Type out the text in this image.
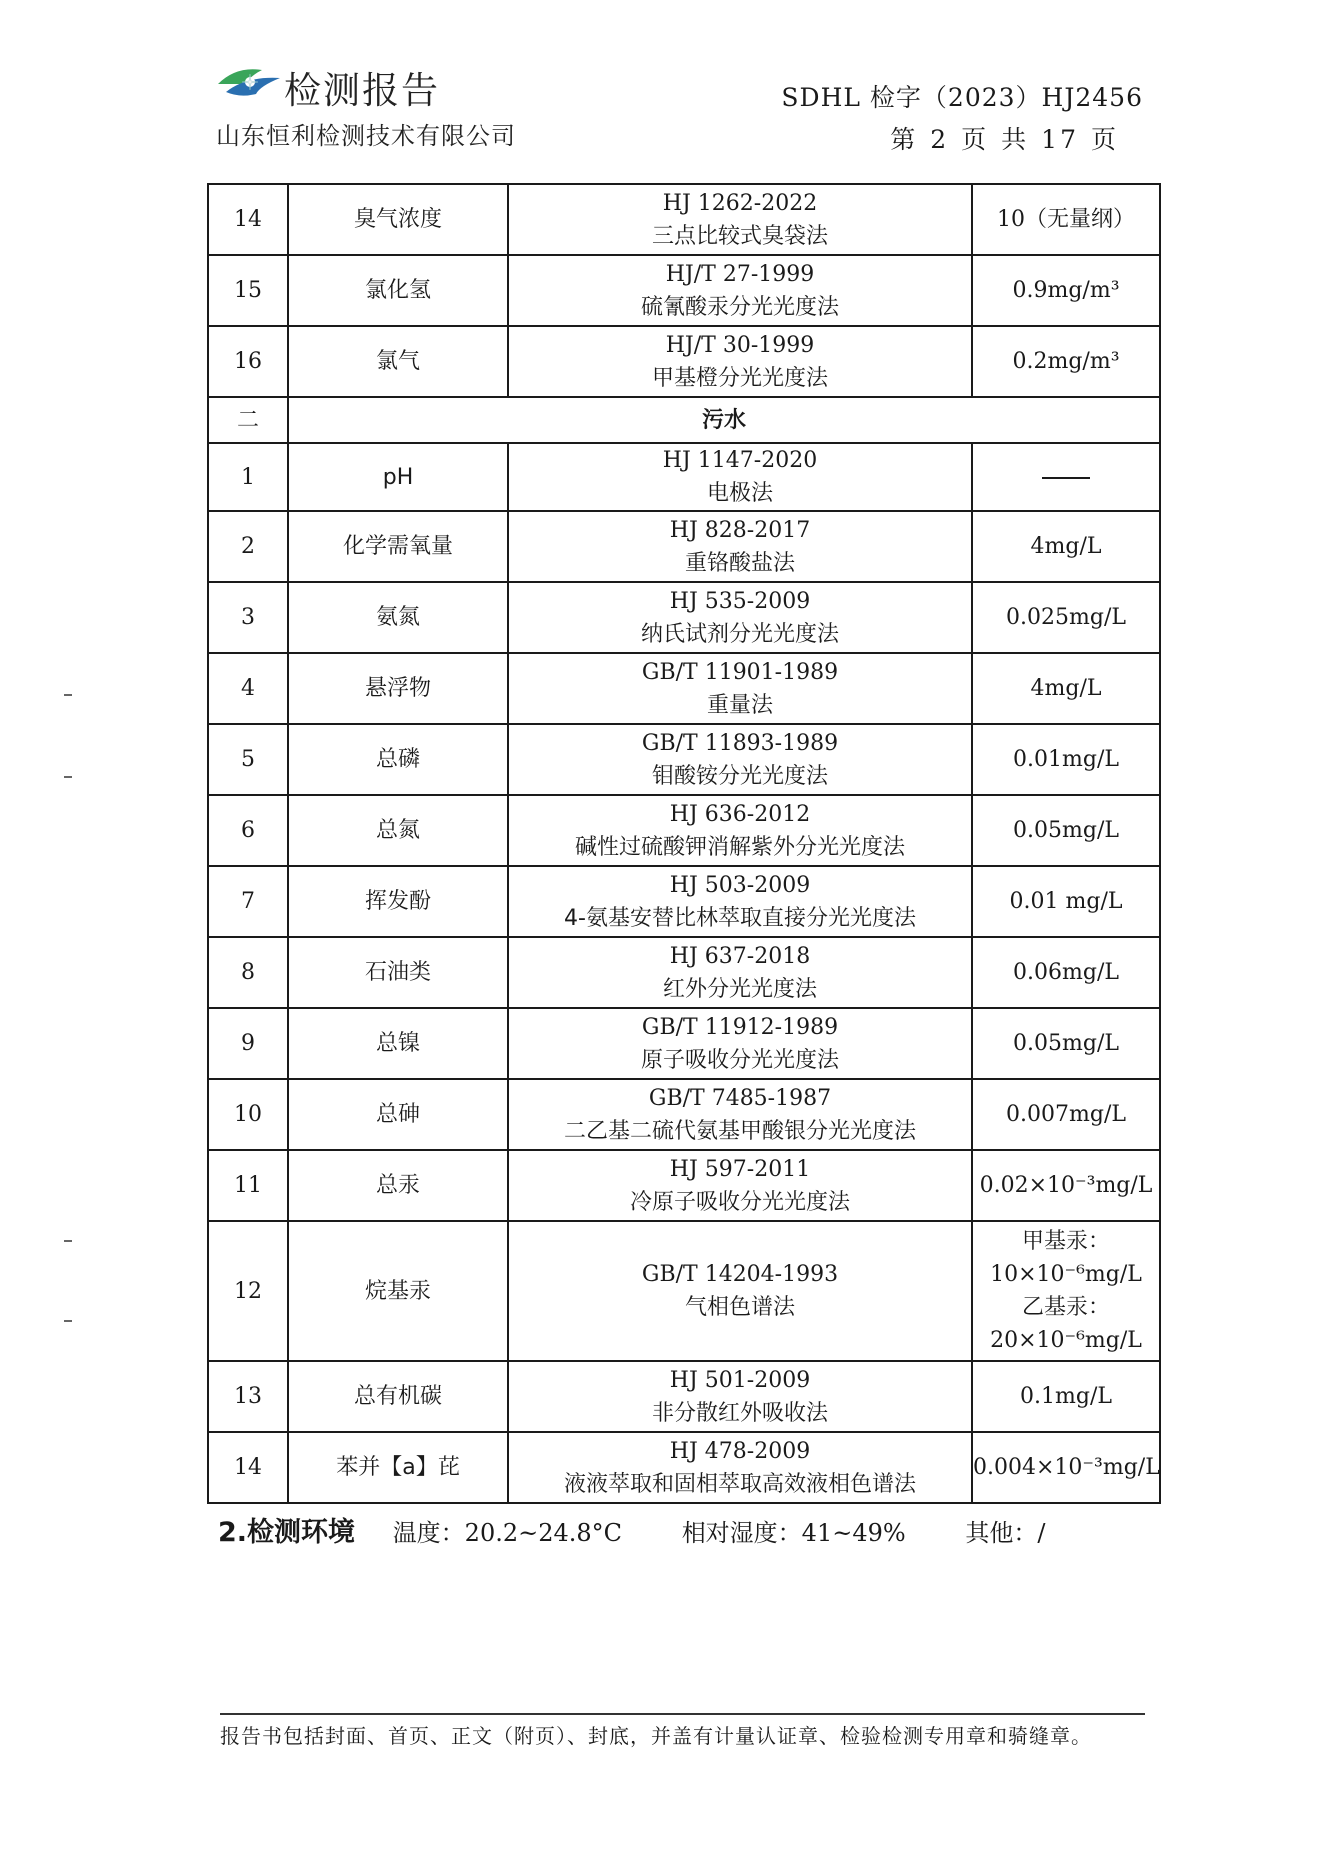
检测报告
山东恒利检测技术有限公司
SDHL 检字（2023）HJ2456
第 2 页 共 17 页
14	臭气浓度	HJ 1262-2022
三点比较式臭袋法	10（无量纲）
15	氯化氢	HJ/T 27-1999
硫氰酸汞分光光度法	0.9mg/m³
16	氯气	HJ/T 30-1999
甲基橙分光光度法	0.2mg/m³
二	污水		
1	pH	HJ 1147-2020
电极法	

2	化学需氧量	HJ 828-2017
重铬酸盐法	4mg/L
3	氨氮	HJ 535-2009
纳氏试剂分光光度法	0.025mg/L
4	悬浮物	GB/T 11901-1989
重量法	4mg/L
5	总磷	GB/T 11893-1989
钼酸铵分光光度法	0.01mg/L
6	总氮	HJ 636-2012
碱性过硫酸钾消解紫外分光光度法	0.05mg/L
7	挥发酚	HJ 503-2009
4-氨基安替比林萃取直接分光光度法	0.01 mg/L
8	石油类	HJ 637-2018
红外分光光度法	0.06mg/L
9	总镍	GB/T 11912-1989
原子吸收分光光度法	0.05mg/L
10	总砷	GB/T 7485-1987
二乙基二硫代氨基甲酸银分光光度法	0.007mg/L
11	总汞	HJ 597-2011
冷原子吸收分光光度法	0.02×10⁻³mg/L
12	烷基汞	GB/T 14204-1993
气相色谱法	甲基汞：
10×10⁻⁶mg/L
乙基汞：
20×10⁻⁶mg/L

13	总有机碳	HJ 501-2009
非分散红外吸收法	0.1mg/L
14	苯并【a】芘	HJ 478-2009
液液萃取和固相萃取高效液相色谱法	0.004×10⁻³mg/L
2.检测环境 温度：20.2~24.8°C 相对湿度：41~49% 其他：/
报告书包括封面、首页、正文（附页）、封底，并盖有计量认证章、检验检测专用章和骑缝章。
